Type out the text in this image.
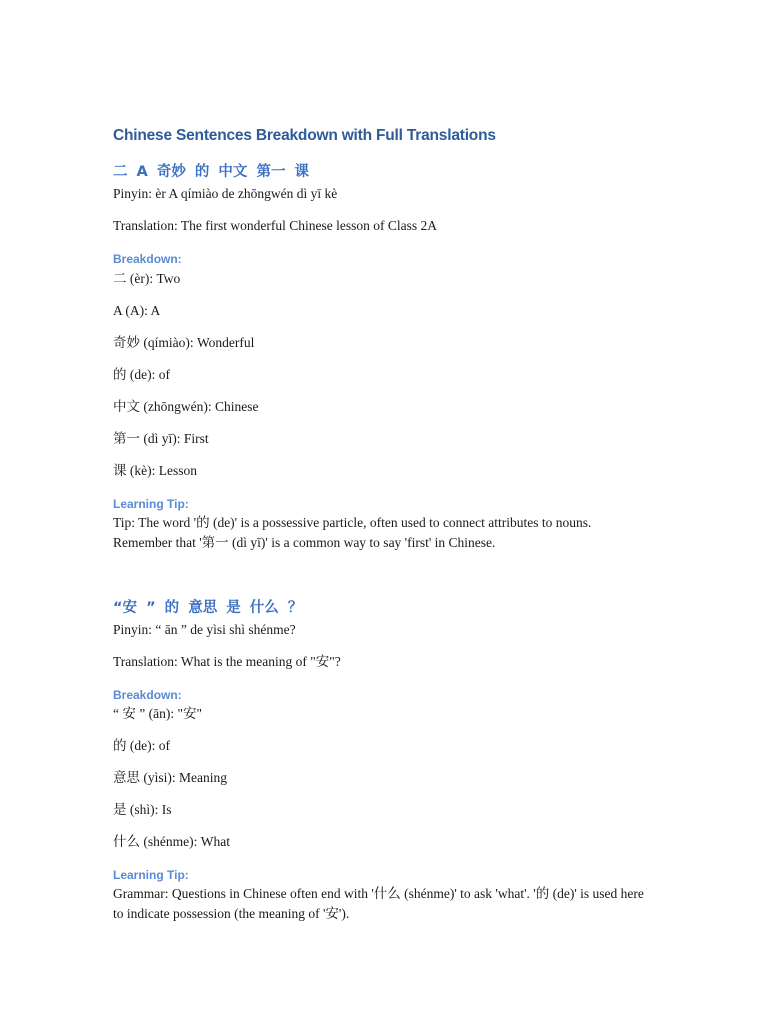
Chinese Sentences Breakdown with Full Translations

二 A 奇妙 的 中文 第一 课

Pinyin: èr A qímiào de zhōngwén dì yī kè

Translation: The first wonderful Chinese lesson of Class 2A

Breakdown:

二 (èr): Two

A (A): A

奇妙 (qímiào): Wonderful

的 (de): of

中文 (zhōngwén): Chinese

第一 (dì yī): First

课 (kè): Lesson

Learning Tip:

Tip: The word '的 (de)' is a possessive particle, often used to connect attributes to nouns. Remember that '第一 (dì yī)' is a common way to say 'first' in Chinese.

“安 ” 的 意思 是 什么 ？

Pinyin: “ ān ” de yìsi shì shénme?

Translation: What is the meaning of "安"?

Breakdown:

“ 安 ” (ān): "安"

的 (de): of

意思 (yìsi): Meaning

是 (shì): Is

什么 (shénme): What

Learning Tip:

Grammar: Questions in Chinese often end with '什么 (shénme)' to ask 'what'. '的 (de)' is used here to indicate possession (the meaning of '安').
